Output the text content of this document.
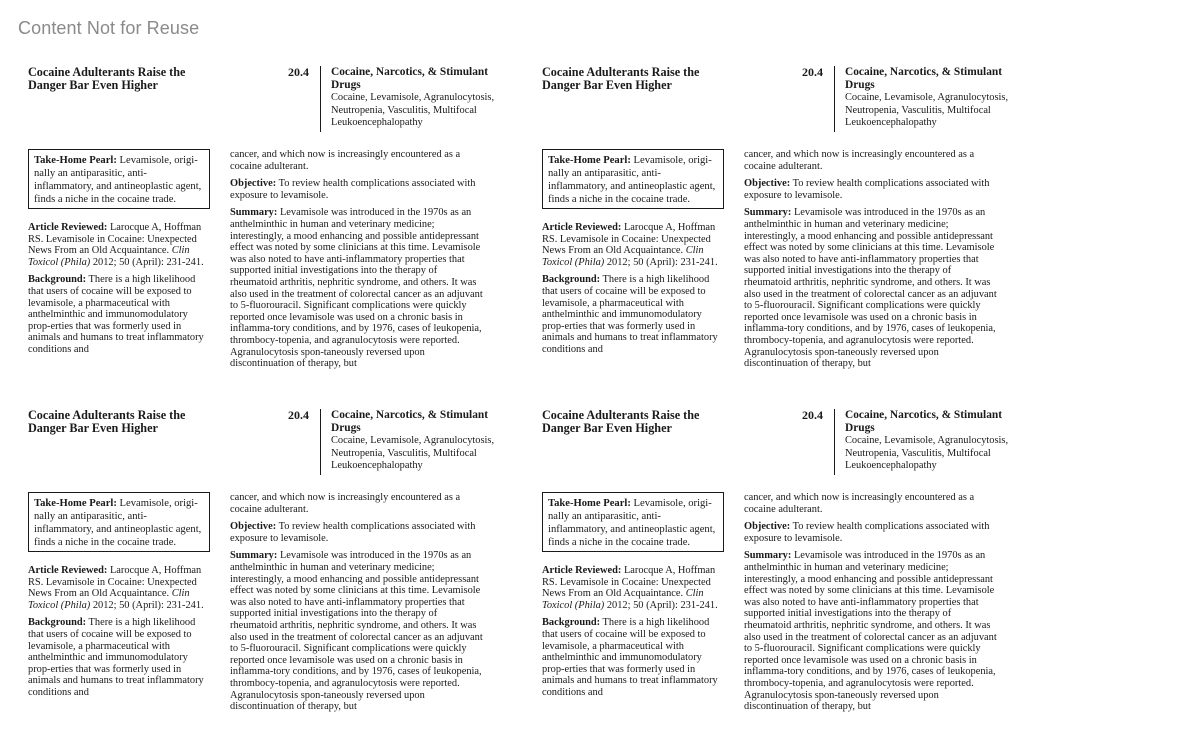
Content Not for Reuse
Cocaine Adulterants Raise the
Danger Bar Even Higher
20.4 Cocaine, Narcotics, & Stimulant Drugs
Cocaine, Levamisole, Agranulocytosis, Neutropenia, Vasculitis, Multifocal Leukoencephalopathy
Take-Home Pearl: Levamisole, origi-nally an antiparasitic, anti-inflammatory, and antineoplastic agent, finds a niche in the cocaine trade.
Article Reviewed: Larocque A, Hoffman RS. Levamisole in Cocaine: Unexpected News From an Old Acquaintance. Clin Toxicol (Phila) 2012; 50 (April): 231-241.
Background: There is a high likelihood that users of cocaine will be exposed to levamisole, a pharmaceutical with anthelminthic and immunomodulatory prop-erties that was formerly used in animals and humans to treat inflammatory conditions and
cancer, and which now is increasingly encountered as a cocaine adulterant.
Objective: To review health complications associated with exposure to levamisole.
Summary: Levamisole was introduced in the 1970s as an anthelminthic in human and veterinary medicine; interestingly, a mood enhancing and possible antidepressant effect was noted by some clinicians at this time. Levamisole was also noted to have anti-inflammatory properties that supported initial investigations into the therapy of rheumatoid arthritis, nephritic syndrome, and others. It was also used in the treatment of colorectal cancer as an adjuvant to 5-fluorouracil. Significant complications were quickly reported once levamisole was used on a chronic basis in inflamma-tory conditions, and by 1976, cases of leukopenia, thrombocy-topenia, and agranulocytosis were reported. Agranulocytosis spon-taneously reversed upon discontinuation of therapy, but
Cocaine Adulterants Raise the
Danger Bar Even Higher
20.4 Cocaine, Narcotics, & Stimulant Drugs
Cocaine, Levamisole, Agranulocytosis, Neutropenia, Vasculitis, Multifocal Leukoencephalopathy
Take-Home Pearl: Levamisole, origi-nally an antiparasitic, anti-inflammatory, and antineoplastic agent, finds a niche in the cocaine trade.
Article Reviewed: Larocque A, Hoffman RS. Levamisole in Cocaine: Unexpected News From an Old Acquaintance. Clin Toxicol (Phila) 2012; 50 (April): 231-241.
Background: There is a high likelihood that users of cocaine will be exposed to levamisole, a pharmaceutical with anthelminthic and immunomodulatory prop-erties that was formerly used in animals and humans to treat inflammatory conditions and
cancer, and which now is increasingly encountered as a cocaine adulterant.
Objective: To review health complications associated with exposure to levamisole.
Summary: Levamisole was introduced in the 1970s as an anthelminthic in human and veterinary medicine; interestingly, a mood enhancing and possible antidepressant effect was noted by some clinicians at this time. Levamisole was also noted to have anti-inflammatory properties that supported initial investigations into the therapy of rheumatoid arthritis, nephritic syndrome, and others. It was also used in the treatment of colorectal cancer as an adjuvant to 5-fluorouracil. Significant complications were quickly reported once levamisole was used on a chronic basis in inflamma-tory conditions, and by 1976, cases of leukopenia, thrombocy-topenia, and agranulocytosis were reported. Agranulocytosis spon-taneously reversed upon discontinuation of therapy, but
Cocaine Adulterants Raise the
Danger Bar Even Higher
20.4 Cocaine, Narcotics, & Stimulant Drugs
Cocaine, Levamisole, Agranulocytosis, Neutropenia, Vasculitis, Multifocal Leukoencephalopathy
Take-Home Pearl: Levamisole, origi-nally an antiparasitic, anti-inflammatory, and antineoplastic agent, finds a niche in the cocaine trade.
Article Reviewed: Larocque A, Hoffman RS. Levamisole in Cocaine: Unexpected News From an Old Acquaintance. Clin Toxicol (Phila) 2012; 50 (April): 231-241.
Background: There is a high likelihood that users of cocaine will be exposed to levamisole, a pharmaceutical with anthelminthic and immunomodulatory prop-erties that was formerly used in animals and humans to treat inflammatory conditions and
cancer, and which now is increasingly encountered as a cocaine adulterant.
Objective: To review health complications associated with exposure to levamisole.
Summary: Levamisole was introduced in the 1970s as an anthelminthic in human and veterinary medicine; interestingly, a mood enhancing and possible antidepressant effect was noted by some clinicians at this time. Levamisole was also noted to have anti-inflammatory properties that supported initial investigations into the therapy of rheumatoid arthritis, nephritic syndrome, and others. It was also used in the treatment of colorectal cancer as an adjuvant to 5-fluorouracil. Significant complications were quickly reported once levamisole was used on a chronic basis in inflamma-tory conditions, and by 1976, cases of leukopenia, thrombocy-topenia, and agranulocytosis were reported. Agranulocytosis spon-taneously reversed upon discontinuation of therapy, but
Cocaine Adulterants Raise the
Danger Bar Even Higher
20.4 Cocaine, Narcotics, & Stimulant Drugs
Cocaine, Levamisole, Agranulocytosis, Neutropenia, Vasculitis, Multifocal Leukoencephalopathy
Take-Home Pearl: Levamisole, origi-nally an antiparasitic, anti-inflammatory, and antineoplastic agent, finds a niche in the cocaine trade.
Article Reviewed: Larocque A, Hoffman RS. Levamisole in Cocaine: Unexpected News From an Old Acquaintance. Clin Toxicol (Phila) 2012; 50 (April): 231-241.
Background: There is a high likelihood that users of cocaine will be exposed to levamisole, a pharmaceutical with anthelminthic and immunomodulatory prop-erties that was formerly used in animals and humans to treat inflammatory conditions and
cancer, and which now is increasingly encountered as a cocaine adulterant.
Objective: To review health complications associated with exposure to levamisole.
Summary: Levamisole was introduced in the 1970s as an anthelminthic in human and veterinary medicine; interestingly, a mood enhancing and possible antidepressant effect was noted by some clinicians at this time. Levamisole was also noted to have anti-inflammatory properties that supported initial investigations into the therapy of rheumatoid arthritis, nephritic syndrome, and others. It was also used in the treatment of colorectal cancer as an adjuvant to 5-fluorouracil. Significant complications were quickly reported once levamisole was used on a chronic basis in inflamma-tory conditions, and by 1976, cases of leukopenia, thrombocy-topenia, and agranulocytosis were reported. Agranulocytosis spon-taneously reversed upon discontinuation of therapy, but
